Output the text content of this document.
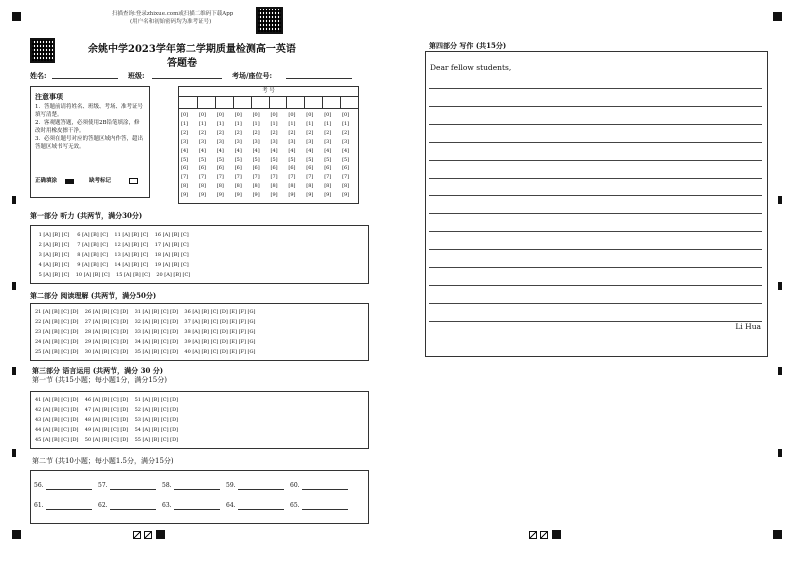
扫描查询:登录zhixue.com或扫描二维码下载App
(用户名和初始密码均为准考证号)
余姚中学2023学年第二学期质量检测高一英语
答题卷
姓名:	班级:	考场/座位号:
注意事项
1．答题前请将姓名、班级、考场、准考证号填写清楚。
2．客观题答题，必须使用2B铅笔填涂，修改时用橡皮擦干净。
3．必须在题号对应的答题区域内作答，超出答题区域书写无效。
正确填涂	缺考标记
考 号
[0] [0] [0] [0] [0] [0] [0] [0] [0] [0]
[1] [1] [1] [1] [1] [1] [1] [1] [1] [1]
[2] [2] [2] [2] [2] [2] [2] [2] [2] [2]
[3] [3] [3] [3] [3] [3] [3] [3] [3] [3]
[4] [4] [4] [4] [4] [4] [4] [4] [4] [4]
[5] [5] [5] [5] [5] [5] [5] [5] [5] [5]
[6] [6] [6] [6] [6] [6] [6] [6] [6] [6]
[7] [7] [7] [7] [7] [7] [7] [7] [7] [7]
[8] [8] [8] [8] [8] [8] [8] [8] [8] [8]
[9] [9] [9] [9] [9] [9] [9] [9] [9] [9]
第一部分 听力 (共两节，满分30分)
1 [A] [B] [C]     6 [A] [B] [C]    11 [A] [B] [C]    16 [A] [B] [C]
2 [A] [B] [C]     7 [A] [B] [C]    12 [A] [B] [C]    17 [A] [B] [C]
3 [A] [B] [C]     8 [A] [B] [C]    13 [A] [B] [C]    18 [A] [B] [C]
4 [A] [B] [C]     9 [A] [B] [C]    14 [A] [B] [C]    19 [A] [B] [C]
5 [A] [B] [C]    10 [A] [B] [C]    15 [A] [B] [C]    20 [A] [B] [C]
第二部分 阅读理解 (共两节，满分50分)
21 [A] [B] [C] [D]    26 [A] [B] [C] [D]    31 [A] [B] [C] [D]    36 [A] [B] [C] [D] [E] [F] [G]
22 [A] [B] [C] [D]    27 [A] [B] [C] [D]    32 [A] [B] [C] [D]    37 [A] [B] [C] [D] [E] [F] [G]
23 [A] [B] [C] [D]    28 [A] [B] [C] [D]    33 [A] [B] [C] [D]    38 [A] [B] [C] [D] [E] [F] [G]
24 [A] [B] [C] [D]    29 [A] [B] [C] [D]    34 [A] [B] [C] [D]    39 [A] [B] [C] [D] [E] [F] [G]
25 [A] [B] [C] [D]    30 [A] [B] [C] [D]    35 [A] [B] [C] [D]    40 [A] [B] [C] [D] [E] [F] [G]
第三部分 语言运用 (共两节，满分 30 分)
第一节 (共15小题；每小题1分，满分15分)
41 [A] [B] [C] [D]    46 [A] [B] [C] [D]    51 [A] [B] [C] [D]
42 [A] [B] [C] [D]    47 [A] [B] [C] [D]    52 [A] [B] [C] [D]
43 [A] [B] [C] [D]    48 [A] [B] [C] [D]    53 [A] [B] [C] [D]
44 [A] [B] [C] [D]    49 [A] [B] [C] [D]    54 [A] [B] [C] [D]
45 [A] [B] [C] [D]    50 [A] [B] [C] [D]    55 [A] [B] [C] [D]
第二节 (共10小题；每小题1.5分，满分15分)
56.	57.	58.	59.	60.
61.	62.	63.	64.	65.
第四部分 写作 (共15分)
Dear fellow students,
Li Hua
